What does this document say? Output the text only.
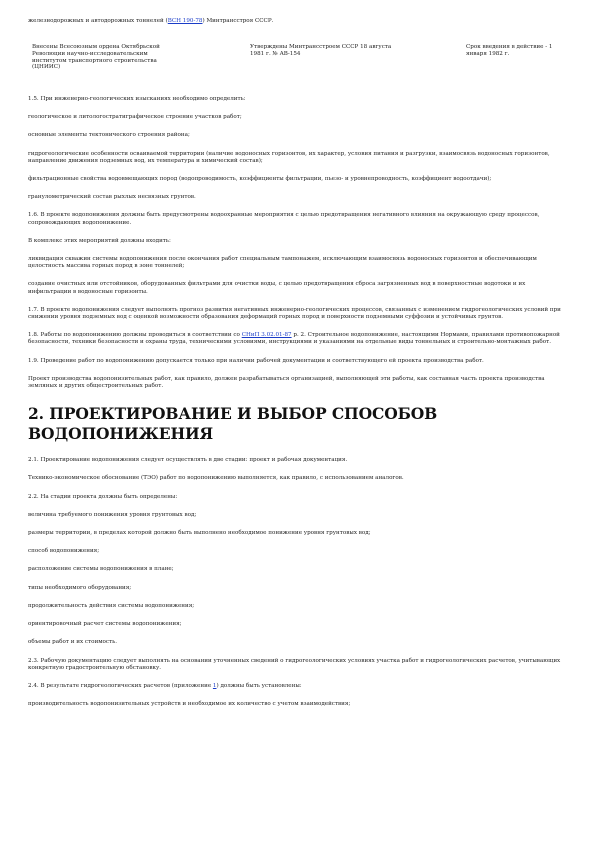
железнодорожных и автодорожных тоннелей (ВСН 190-78) Минтрансстроя СССР.

Внесены Всесоюзным ордена Октябрьской Революции научно-исследовательским институтом транспортного строительства (ЦНИИС)
Утверждены Минтрансстроем СССР 18 августа 1981 г. № АВ-154
Срок введения в действие - 1 января 1982 г.

1.5. При инженерно-геологических изысканиях необходимо определить:

геологическое и литологостратиграфическое строение участков работ;

основные элементы тектонического строения района;

гидрогеологические особенности осваиваемой территории (наличие водоносных горизонтов, их характер, условия питания и разгрузки, взаимосвязь водоносных горизонтов, направление движения подземных вод, их температура и химический состав);

фильтрационные свойства водовмещающих пород (водопроводимость, коэффициенты фильтрации, пьезо- и уровнепроводность, коэффициент водоотдачи);

гранулометрический состав рыхлых несвязных грунтов.

1.6. В проекте водопонижения должны быть предусмотрены водоохранные мероприятия с целью предотвращения негативного влияния на окружающую среду процессов, сопровождающих водопонижение.

В комплекс этих мероприятий должны входить:

ликвидация скважин системы водопонижения после окончания работ специальным тампонажем, исключающим взаимосвязь водоносных горизонтов и обеспечивающим целостность массива горных пород в зоне тоннелей;

создание очистных или отстойников, оборудованных фильтрами для очистки воды, с целью предотвращения сброса загрязненных вод в поверхностные водотоки и их инфильтрации в водоносные горизонты.

1.7. В проекте водопонижения следует выполнять прогноз развития негативных инженерно-геологических процессов, связанных с изменением гидрогеологических условий при снижении уровня подземных вод с оценкой возможности образования деформаций горных пород и поверхности подземными суффозии и устойчивых грунтов.

1.8. Работы по водопонижению должны проводиться в соответствии со СНиП 3.02.01-87 р. 2. Строительное водопонижение, настоящими Нормами, правилами противопожарной безопасности, техники безопасности и охраны труда, техническими условиями, инструкциями и указаниями на отдельные виды тоннельных и строительно-монтажных работ.

1.9. Проведение работ по водопонижению допускается только при наличии рабочей документации и соответствующего ей проекта производства работ.

Проект производства водопонизительных работ, как правило, должен разрабатываться организацией, выполняющей эти работы, как составная часть проекта производства земляных и других общестроительных работ.

2. ПРОЕКТИРОВАНИЕ И ВЫБОР СПОСОБОВ ВОДОПОНИЖЕНИЯ

2.1. Проектирование водопонижения следует осуществлять в две стадии: проект и рабочая документация.

Технико-экономическое обоснование (ТЭО) работ по водопонижению выполняется, как правило, с использованием аналогов.

2.2. На стадии проекта должны быть определены:

величина требуемого понижения уровня грунтовых вод;

размеры территории, в пределах которой должно быть выполнено необходимое понижение уровня грунтовых вод;

способ водопонижения;

расположение системы водопонижения в плане;

типы необходимого оборудования;

продолжительность действия системы водопонижения;

ориентировочный расчет системы водопонижения;

объемы работ и их стоимость.

2.3. Рабочую документацию следует выполнять на основании уточненных сведений о гидрогеологических условиях участка работ и гидрогеологических расчетов, учитывающих конкретную градостроительную обстановку.

2.4. В результате гидрогеологических расчетов (приложение 1) должны быть установлены:

производительность водопонизительных устройств и необходимое их количество с учетом взаимодействия;
